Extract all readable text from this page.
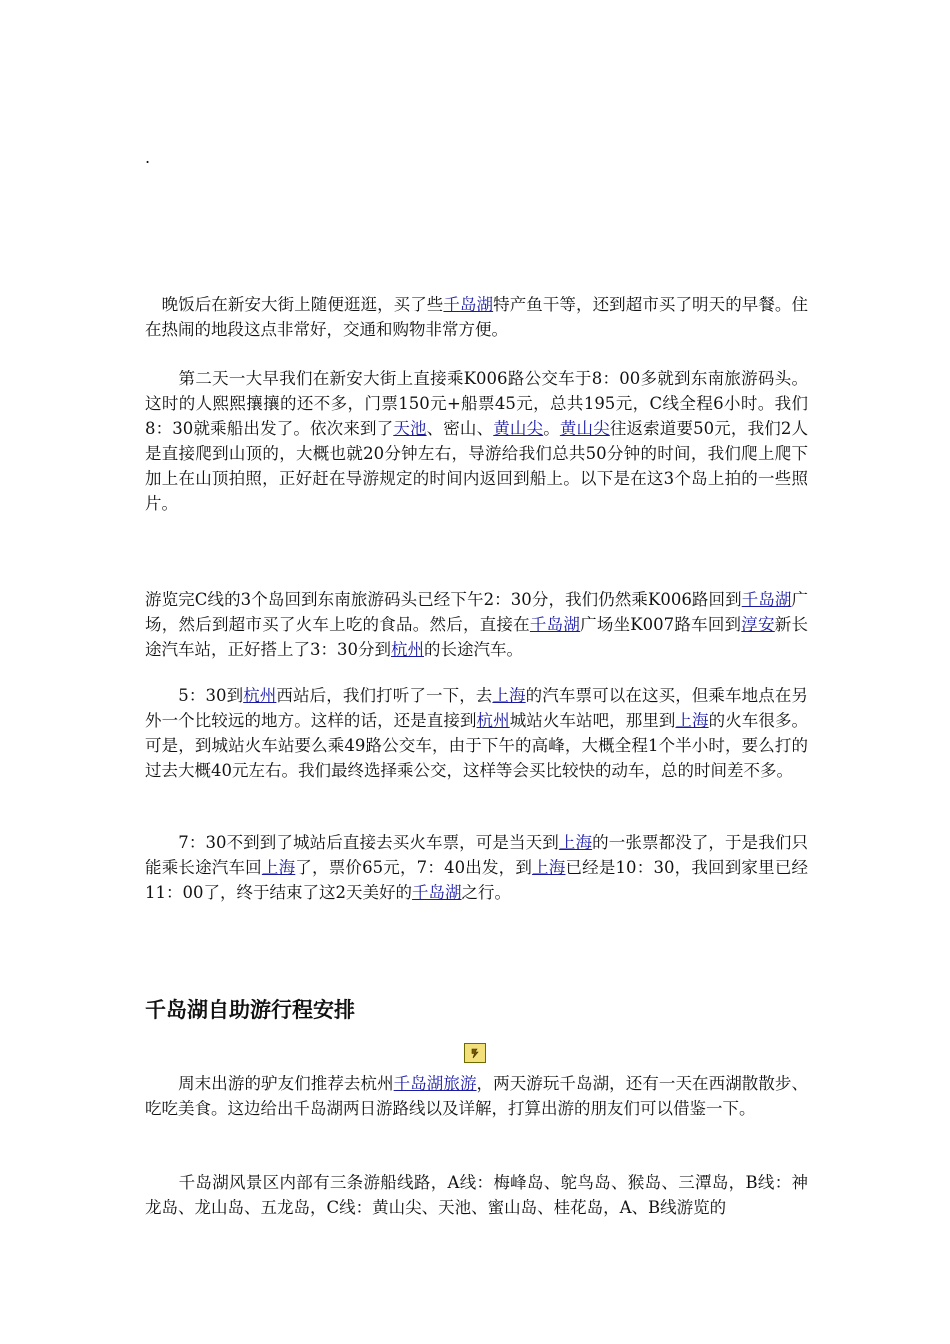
.

　晚饭后在新安大街上随便逛逛，买了些千岛湖特产鱼干等，还到超市买了明天的早餐。住在热闹的地段这点非常好，交通和购物非常方便。

　　第二天一大早我们在新安大街上直接乘K006路公交车于8：00多就到东南旅游码头。这时的人熙熙攘攘的还不多，门票150元+船票45元，总共195元，C线全程6小时。我们8：30就乘船出发了。依次来到了天池、密山、黄山尖。黄山尖往返索道要50元，我们2人是直接爬到山顶的，大概也就20分钟左右，导游给我们总共50分钟的时间，我们爬上爬下加上在山顶拍照，正好赶在导游规定的时间内返回到船上。以下是在这3个岛上拍的一些照片。

游览完C线的3个岛回到东南旅游码头已经下午2：30分，我们仍然乘K006路回到千岛湖广场，然后到超市买了火车上吃的食品。然后，直接在千岛湖广场坐K007路车回到淳安新长途汽车站，正好搭上了3：30分到杭州的长途汽车。

　　5：30到杭州西站后，我们打听了一下，去上海的汽车票可以在这买，但乘车地点在另外一个比较远的地方。这样的话，还是直接到杭州城站火车站吧，那里到上海的火车很多。可是，到城站火车站要么乘49路公交车，由于下午的高峰，大概全程1个半小时，要么打的过去大概40元左右。我们最终选择乘公交，这样等会买比较快的动车，总的时间差不多。

　　7：30不到到了城站后直接去买火车票，可是当天到上海的一张票都没了，于是我们只能乘长途汽车回上海了，票价65元，7：40出发，到上海已经是10：30，我回到家里已经11：00了，终于结束了这2天美好的千岛湖之行。

千岛湖自助游行程安排

　　周末出游的驴友们推荐去杭州千岛湖旅游，两天游玩千岛湖，还有一天在西湖散散步、吃吃美食。这边给出千岛湖两日游路线以及详解，打算出游的朋友们可以借鉴一下。

　　千岛湖风景区内部有三条游船线路，A线：梅峰岛、鸵鸟岛、猴岛、三潭岛，B线：神龙岛、龙山岛、五龙岛，C线：黄山尖、天池、蜜山岛、桂花岛，A、B线游览的
